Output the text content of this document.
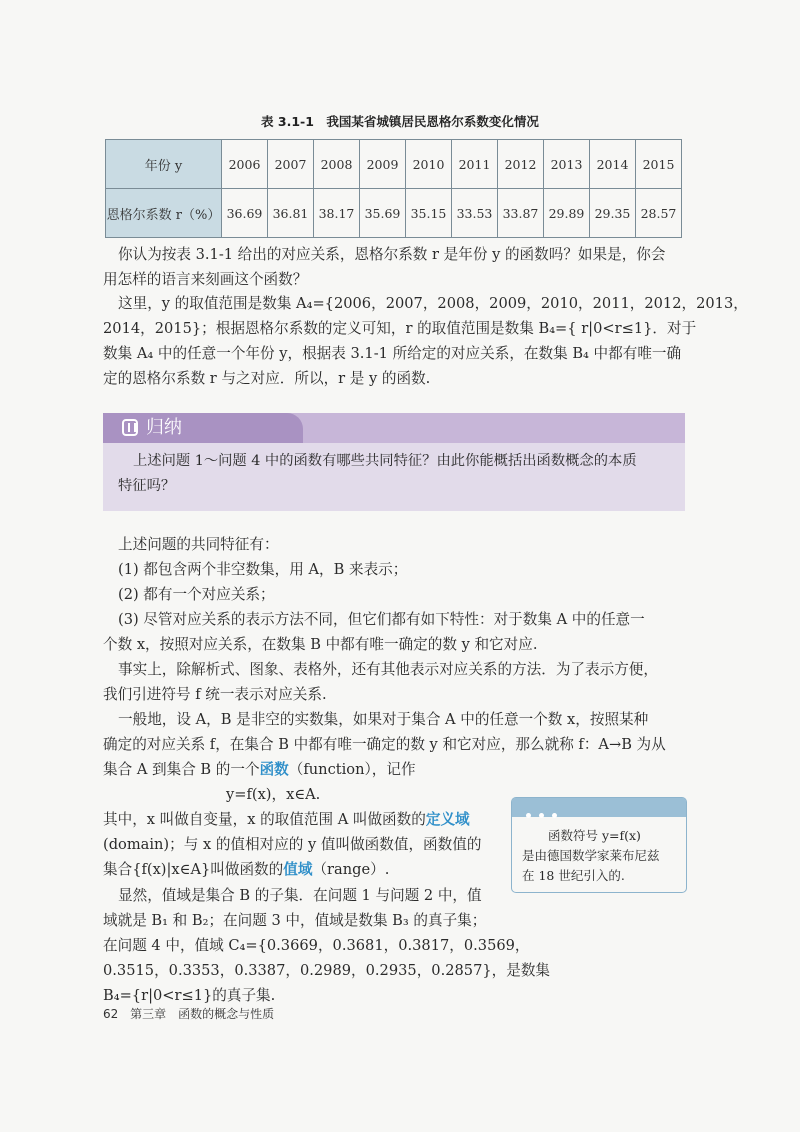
表 3.1-1　我国某省城镇居民恩格尔系数变化情况
年份 y	2006	2007	2008	2009	2010	2011	2012	2013	2014	2015
恩格尔系数 r（%）	36.69	36.81	38.17	35.69	35.15	33.53	33.87	29.89	29.35	28.57
你认为按表 3.1-1 给出的对应关系，恩格尔系数 r 是年份 y 的函数吗？如果是，你会
用怎样的语言来刻画这个函数？
这里，y 的取值范围是数集 A₄={2006，2007，2008，2009，2010，2011，2012，2013，
2014，2015}；根据恩格尔系数的定义可知，r 的取值范围是数集 B₄={ r|0<r≤1}．对于
数集 A₄ 中的任意一个年份 y，根据表 3.1-1 所给定的对应关系，在数集 B₄ 中都有唯一确
定的恩格尔系数 r 与之对应．所以，r 是 y 的函数.
归纳
上述问题 1～问题 4 中的函数有哪些共同特征？由此你能概括出函数概念的本质
特征吗？
上述问题的共同特征有：
(1) 都包含两个非空数集，用 A，B 来表示；
(2) 都有一个对应关系；
(3) 尽管对应关系的表示方法不同，但它们都有如下特性：对于数集 A 中的任意一
个数 x，按照对应关系，在数集 B 中都有唯一确定的数 y 和它对应.
事实上，除解析式、图象、表格外，还有其他表示对应关系的方法．为了表示方便，
我们引进符号 f 统一表示对应关系.
一般地，设 A，B 是非空的实数集，如果对于集合 A 中的任意一个数 x，按照某种
确定的对应关系 f，在集合 B 中都有唯一确定的数 y 和它对应，那么就称 f：A→B 为从
集合 A 到集合 B 的一个函数（function），记作
y=f(x)，x∈A.
其中，x 叫做自变量，x 的取值范围 A 叫做函数的定义域
(domain)；与 x 的值相对应的 y 值叫做函数值，函数值的
集合{f(x)|x∈A}叫做函数的值域（range）.
显然，值域是集合 B 的子集．在问题 1 与问题 2 中，值
域就是 B₁ 和 B₂；在问题 3 中，值域是数集 B₃ 的真子集；
在问题 4 中，值域 C₄={0.3669，0.3681，0.3817，0.3569，
0.3515，0.3353，0.3387，0.2989，0.2935，0.2857}，是数集
B₄={r|0<r≤1}的真子集.
函数符号 y=f(x)
是由德国数学家莱布尼兹
在 18 世纪引入的.
62 第三章　函数的概念与性质
